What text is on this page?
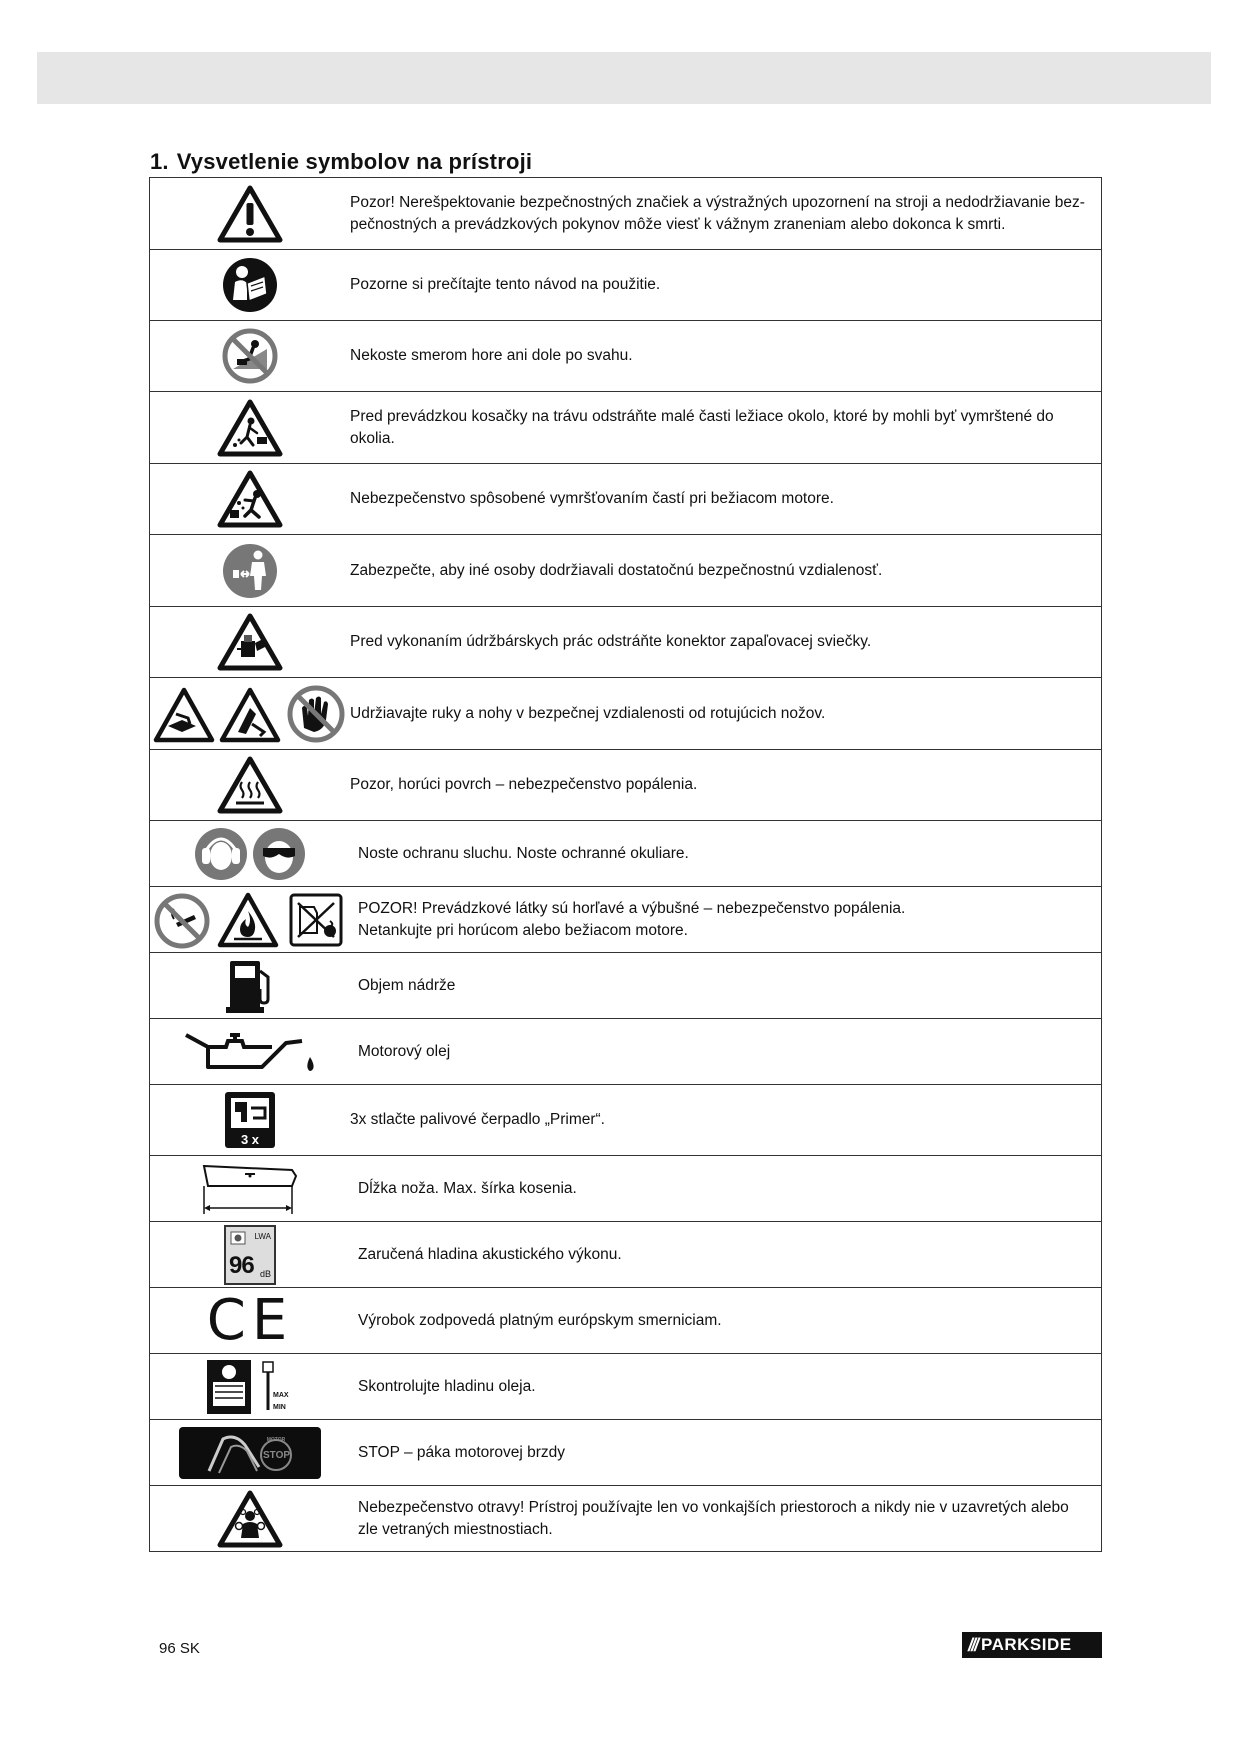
1. Vysvetlenie symbolov na prístroji
	Pozor! Nerešpektovanie bezpečnostných značiek a výstražných upozornení na stroji a nedodržiavanie bez-pečnostných a prevádzkových pokynov môže viesť k vážnym zraneniam alebo dokonca k smrti.
	Pozorne si prečítajte tento návod na použitie.
	Nekoste smerom hore ani dole po svahu.
	Pred prevádzkou kosačky na trávu odstráňte malé časti ležiace okolo, ktoré by mohli byť vymrštené do okolia.
	Nebezpečenstvo spôsobené vymršťovaním častí pri bežiacom motore.
	Zabezpečte, aby iné osoby dodržiavali dostatočnú bezpečnostnú vzdialenosť.
	Pred vykonaním údržbárskych prác odstráňte konektor zapaľovacej sviečky.
	Udržiavajte ruky a nohy v bezpečnej vzdialenosti od rotujúcich nožov.
	Pozor, horúci povrch – nebezpečenstvo popálenia.
	Noste ochranu sluchu. Noste ochranné okuliare.

POZOR! Prevádzkové látky sú horľavé a výbušné – nebezpečenstvo popálenia.
Netankujte pri horúcom alebo bežiacom motore.

	Objem nádrže
	Motorový olej

3 x	3x stlačte palivové čerpadlo „Primer“.
	Dĺžka noža. Max. šírka kosenia.

LWA
96 dB	Zaručená hladina akustického výkonu.
CE	Výrobok zodpovedá platným európskym smerniciam.

MAX
MIN	Skontrolujte hladinu oleja.

MOTOR
STOP	STOP – páka motorovej brzdy
	Nebezpečenstvo otravy! Prístroj používajte len vo vonkajších priestoroch a nikdy nie v uzavretých alebo zle vetraných miestnostiach.
96 SK	/// PARKSIDE
